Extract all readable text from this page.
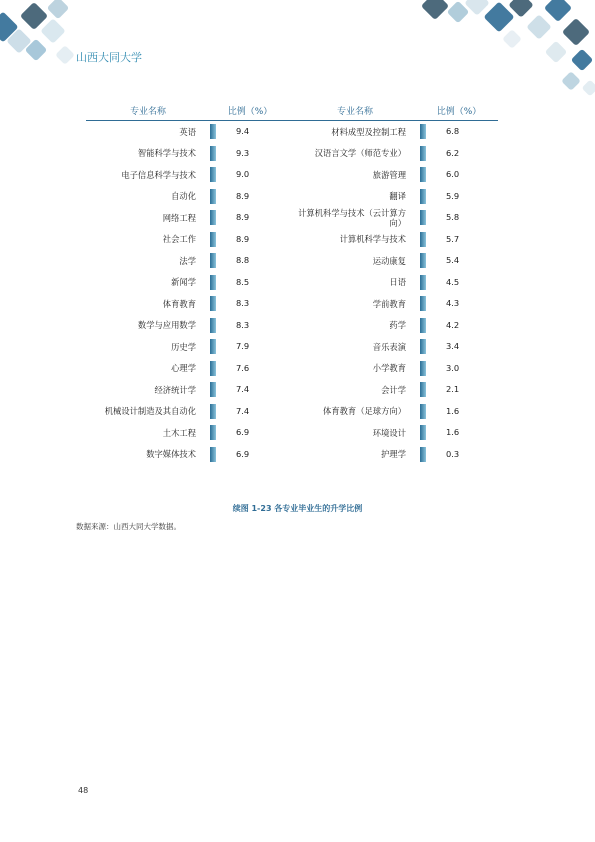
山西大同大学
专业名称	比例（%）	专业名称	比例（%）
英语	9.4	材料成型及控制工程	6.8
智能科学与技术	9.3	汉语言文学（师范专业）	6.2
电子信息科学与技术	9.0	旅游管理	6.0
自动化	8.9	翻译	5.9
网络工程	8.9	计算机科学与技术（云计算方向）	5.8
社会工作	8.9	计算机科学与技术	5.7
法学	8.8	运动康复	5.4
新闻学	8.5	日语	4.5
体育教育	8.3	学前教育	4.3
数学与应用数学	8.3	药学	4.2
历史学	7.9	音乐表演	3.4
心理学	7.6	小学教育	3.0
经济统计学	7.4	会计学	2.1
机械设计制造及其自动化	7.4	体育教育（足球方向）	1.6
土木工程	6.9	环境设计	1.6
数字媒体技术	6.9	护理学	0.3
续图 1-23 各专业毕业生的升学比例
数据来源：山西大同大学数据。
48
